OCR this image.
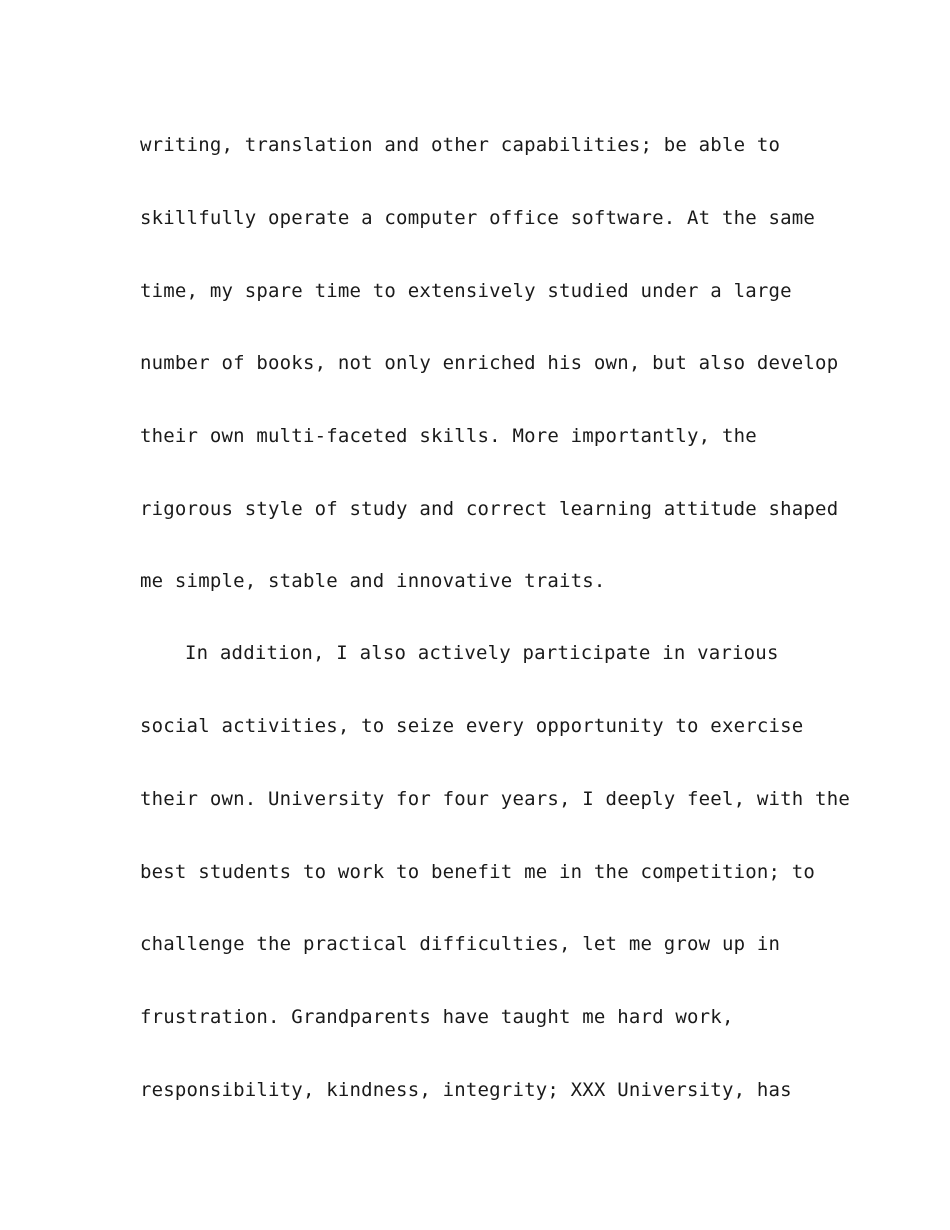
writing, translation and other capabilities; be able to
skillfully operate a computer office software. At the same
time, my spare time to extensively studied under a large
number of books, not only enriched his own, but also develop
their own multi-faceted skills. More importantly, the
rigorous style of study and correct learning attitude shaped
me simple, stable and innovative traits.
In addition, I also actively participate in various
social activities, to seize every opportunity to exercise
their own. University for four years, I deeply feel, with the
best students to work to benefit me in the competition; to
challenge the practical difficulties, let me grow up in
frustration. Grandparents have taught me hard work,
responsibility, kindness, integrity; XXX University, has
